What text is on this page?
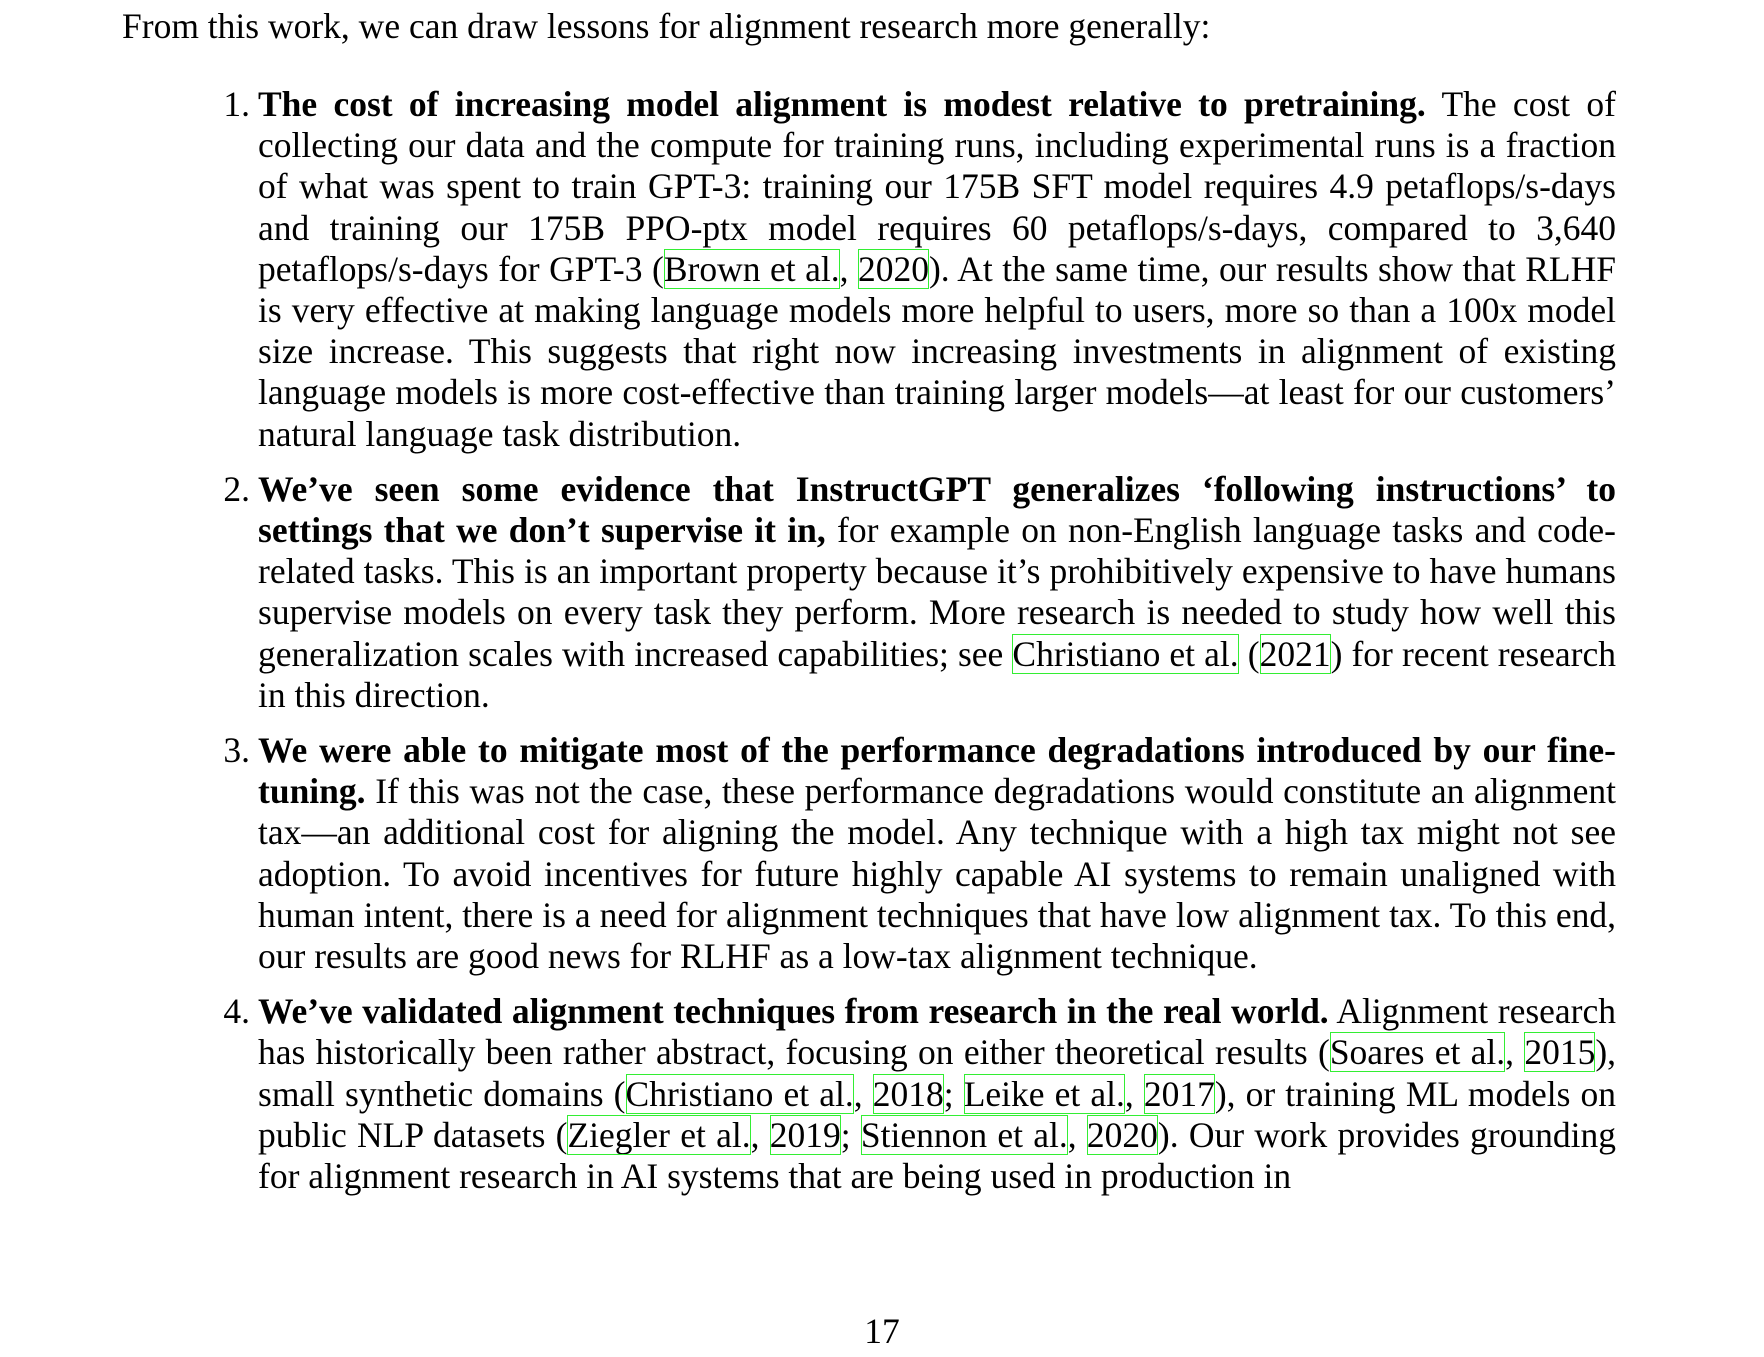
From this work, we can draw lessons for alignment research more generally:
1. The cost of increasing model alignment is modest relative to pretraining. The cost of collecting our data and the compute for training runs, including experimental runs is a fraction of what was spent to train GPT-3: training our 175B SFT model requires 4.9 petaflops/s-days and training our 175B PPO-ptx model requires 60 petaflops/s-days, compared to 3,640 petaflops/s-days for GPT-3 (Brown et al., 2020). At the same time, our results show that RLHF is very effective at making language models more helpful to users, more so than a 100x model size increase. This suggests that right now increasing investments in alignment of existing language models is more cost-effective than training larger models—at least for our customers’ natural language task distribution.
2. We’ve seen some evidence that InstructGPT generalizes ‘following instructions’ to settings that we don’t supervise it in, for example on non-English language tasks and code-related tasks. This is an important property because it’s prohibitively expensive to have humans supervise models on every task they perform. More research is needed to study how well this generalization scales with increased capabilities; see Christiano et al. (2021) for recent research in this direction.
3. We were able to mitigate most of the performance degradations introduced by our fine-tuning. If this was not the case, these performance degradations would constitute an alignment tax—an additional cost for aligning the model. Any technique with a high tax might not see adoption. To avoid incentives for future highly capable AI systems to remain unaligned with human intent, there is a need for alignment techniques that have low alignment tax. To this end, our results are good news for RLHF as a low-tax alignment technique.
4. We’ve validated alignment techniques from research in the real world. Alignment research has historically been rather abstract, focusing on either theoretical results (Soares et al., 2015), small synthetic domains (Christiano et al., 2018; Leike et al., 2017), or training ML models on public NLP datasets (Ziegler et al., 2019; Stiennon et al., 2020). Our work provides grounding for alignment research in AI systems that are being used in production in
17
